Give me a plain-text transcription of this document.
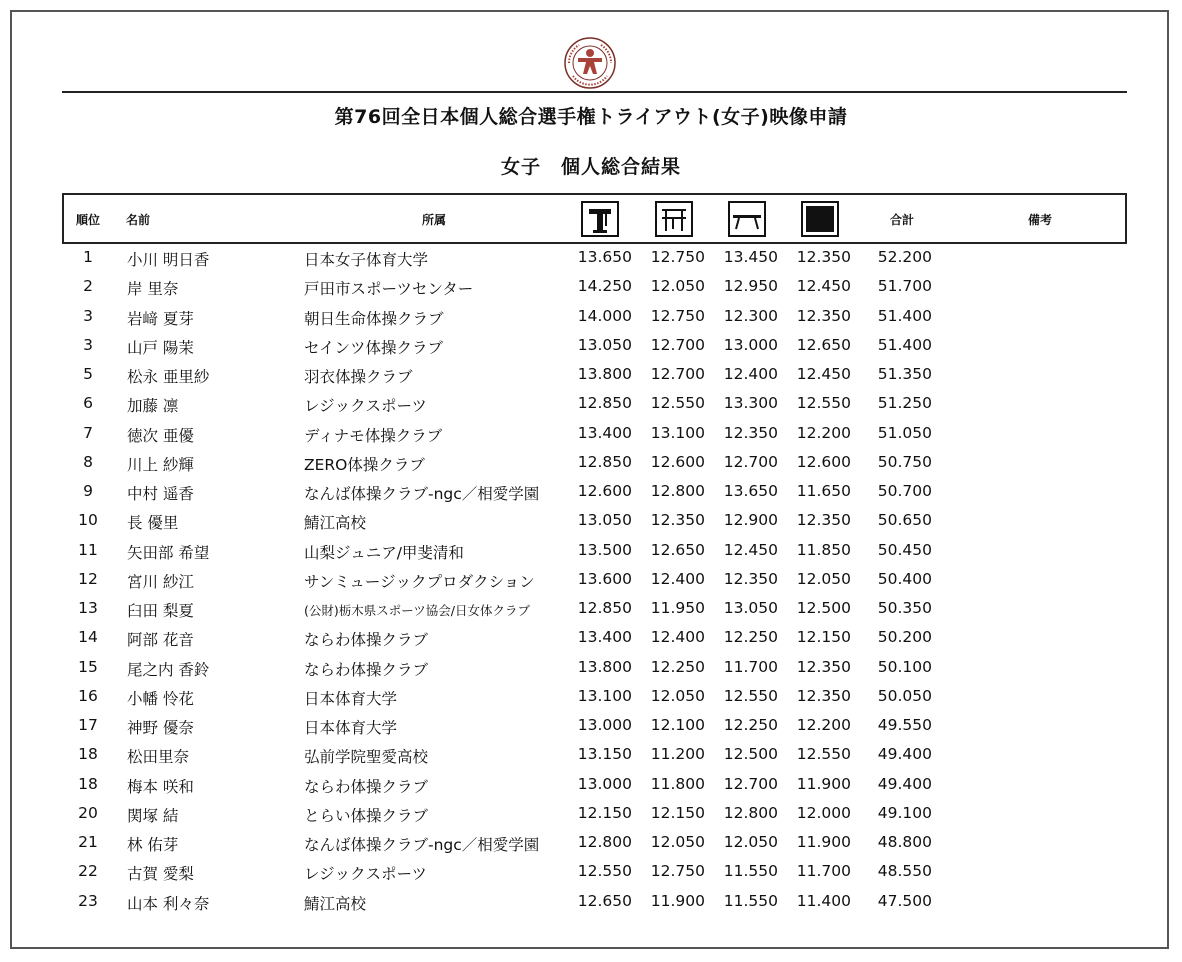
第76回全日本個人総合選手権トライアウト(女子)映像申請
女子　個人総合結果
順位 名前	所属	合計	備考
1	小川 明日香	日本女子体育大学	13.650	12.750	13.450	12.350	52.200
2	岸 里奈	戸田市スポーツセンター	14.250	12.050	12.950	12.450	51.700
3	岩﨑 夏芽	朝日生命体操クラブ	14.000	12.750	12.300	12.350	51.400
3	山戸 陽茉	セインツ体操クラブ	13.050	12.700	13.000	12.650	51.400
5	松永 亜里紗	羽衣体操クラブ	13.800	12.700	12.400	12.450	51.350
6	加藤 凛	レジックスポーツ	12.850	12.550	13.300	12.550	51.250
7	徳次 亜優	ディナモ体操クラブ	13.400	13.100	12.350	12.200	51.050
8	川上 紗輝	ZERO体操クラブ	12.850	12.600	12.700	12.600	50.750
9	中村 遥香	なんば体操クラブ-ngc／相愛学園	12.600	12.800	13.650	11.650	50.700
10	長 優里	鯖江高校	13.050	12.350	12.900	12.350	50.650
11	矢田部 希望	山梨ジュニア/甲斐清和	13.500	12.650	12.450	11.850	50.450
12	宮川 紗江	サンミュージックプロダクション	13.600	12.400	12.350	12.050	50.400
13	臼田 梨夏	(公財)栃木県スポーツ協会/日女体クラブ	12.850	11.950	13.050	12.500	50.350
14	阿部 花音	ならわ体操クラブ	13.400	12.400	12.250	12.150	50.200
15	尾之内 香鈴	ならわ体操クラブ	13.800	12.250	11.700	12.350	50.100
16	小幡 怜花	日本体育大学	13.100	12.050	12.550	12.350	50.050
17	神野 優奈	日本体育大学	13.000	12.100	12.250	12.200	49.550
18	松田里奈	弘前学院聖愛高校	13.150	11.200	12.500	12.550	49.400
18	梅本 咲和	ならわ体操クラブ	13.000	11.800	12.700	11.900	49.400
20	関塚 結	とらい体操クラブ	12.150	12.150	12.800	12.000	49.100
21	林 佑芽	なんば体操クラブ-ngc／相愛学園	12.800	12.050	12.050	11.900	48.800
22	古賀 愛梨	レジックスポーツ	12.550	12.750	11.550	11.700	48.550
23	山本 利々奈	鯖江高校	12.650	11.900	11.550	11.400	47.500
